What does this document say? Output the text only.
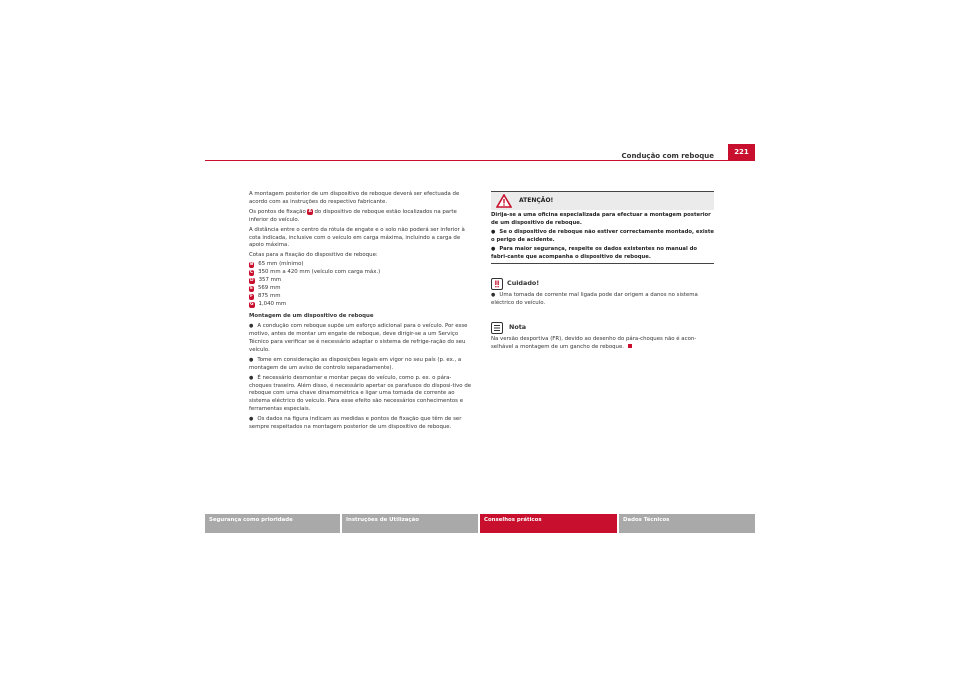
Condução com reboque	221

A montagem posterior de um dispositivo de reboque deverá ser efectuada de acordo com as instruções do respectivo fabricante.

Os pontos de fixação A do dispositivo de reboque estão localizados na parte inferior do veículo.

A distância entre o centro da rótula de engate e o solo não poderá ser inferior à cota indicada, inclusive com o veículo em carga máxima, incluindo a carga de apoio máxima.

Cotas para a fixação do dispositivo de reboque:

B 65 mm (mínimo)
C 350 mm a 420 mm (veículo com carga máx.)
D 357 mm
E 569 mm
F 875 mm
G 1,040 mm

Montagem de um dispositivo de reboque

● A condução com reboque supõe um esforço adicional para o veículo. Por esse motivo, antes de montar um engate de reboque, deve dirigir-se a um Serviço Técnico para verificar se é necessário adaptar o sistema de refrige-ração do seu veículo.

● Tome em consideração as disposições legais em vigor no seu país (p. ex., a montagem de um aviso de controlo separadamente).

● É necessário desmontar e montar peças do veículo, como p. ex. o pára-choques traseiro. Além disso, é necessário apertar os parafusos do disposi-tivo de reboque com uma chave dinamométrica e ligar uma tomada de corrente ao sistema eléctrico do veículo. Para esse efeito são necessários conhecimentos e ferramentas especiais.

● Os dados na figura indicam as medidas e pontos de fixação que têm de ser sempre respeitados na montagem posterior de um dispositivo de reboque.

ATENÇÃO!

Dirija-se a uma oficina especializada para efectuar a montagem posterior de um dispositivo de reboque.

● Se o dispositivo de reboque não estiver correctamente montado, existe o perigo de acidente.

● Para maior segurança, respeite os dados existentes no manual do fabri-cante que acompanha o dispositivo de reboque.

Cuidado!

● Uma tomada de corrente mal ligada pode dar origem a danos no sistema eléctrico do veículo.

Nota

Na versão desportiva (FR), devido ao desenho do pára-choques não é acon-selhável a montagem de um gancho de reboque.

Segurança como prioridade	Instruções de Utilização	Conselhos práticos	Dados Técnicos
